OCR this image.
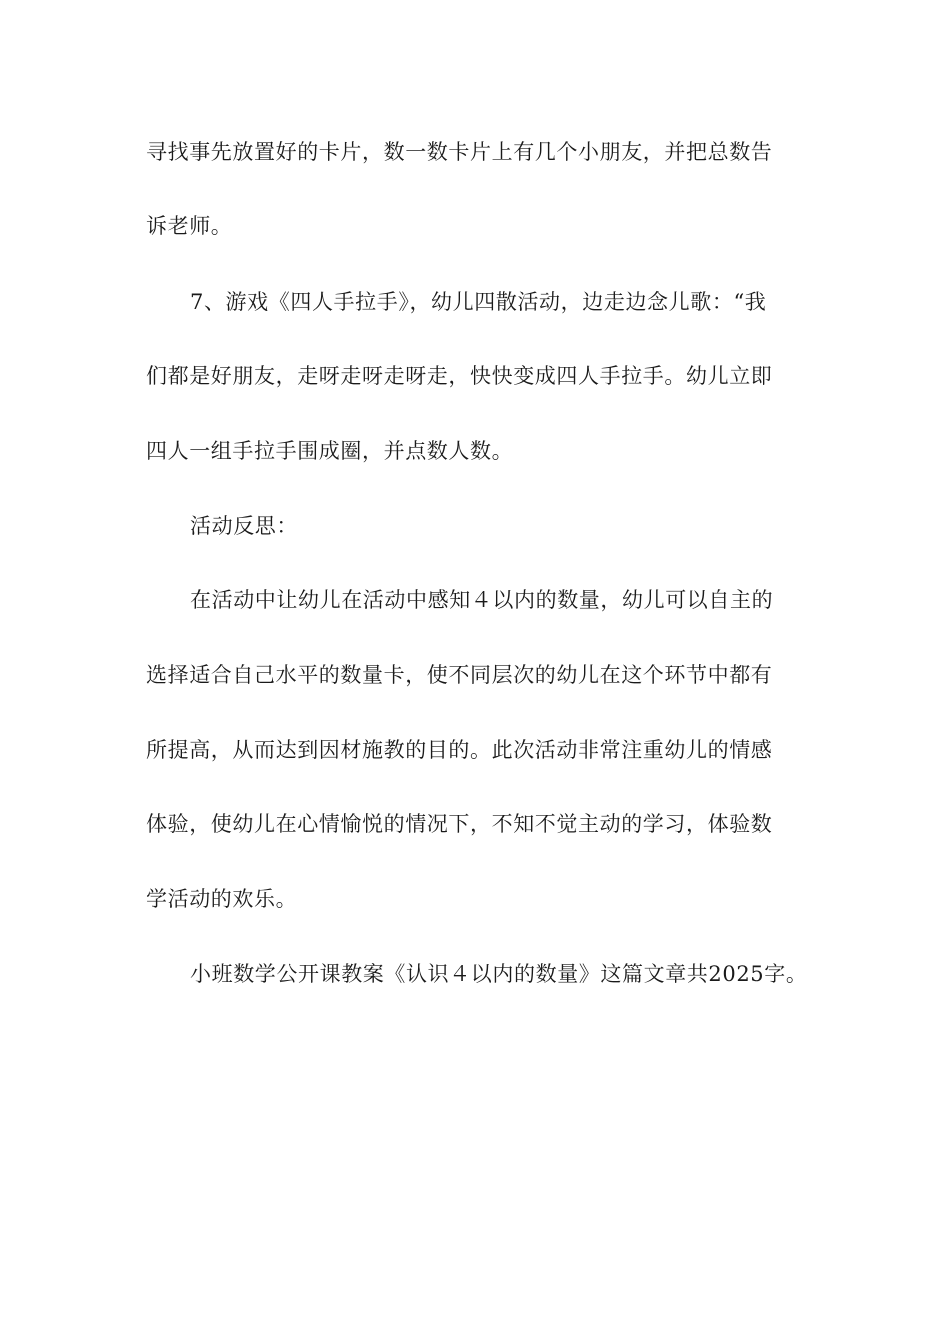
寻找事先放置好的卡片，数一数卡片上有几个小朋友，并把总数告
诉老师。
7、游戏《四人手拉手》，幼儿四散活动，边走边念儿歌：“我
们都是好朋友，走呀走呀走呀走，快快变成四人手拉手。幼儿立即
四人一组手拉手围成圈，并点数人数。
活动反思：
在活动中让幼儿在活动中感知４以内的数量，幼儿可以自主的
选择适合自己水平的数量卡，使不同层次的幼儿在这个环节中都有
所提高，从而达到因材施教的目的。此次活动非常注重幼儿的情感
体验，使幼儿在心情愉悦的情况下，不知不觉主动的学习，体验数
学活动的欢乐。
小班数学公开课教案《认识４以内的数量》这篇文章共2025字。
